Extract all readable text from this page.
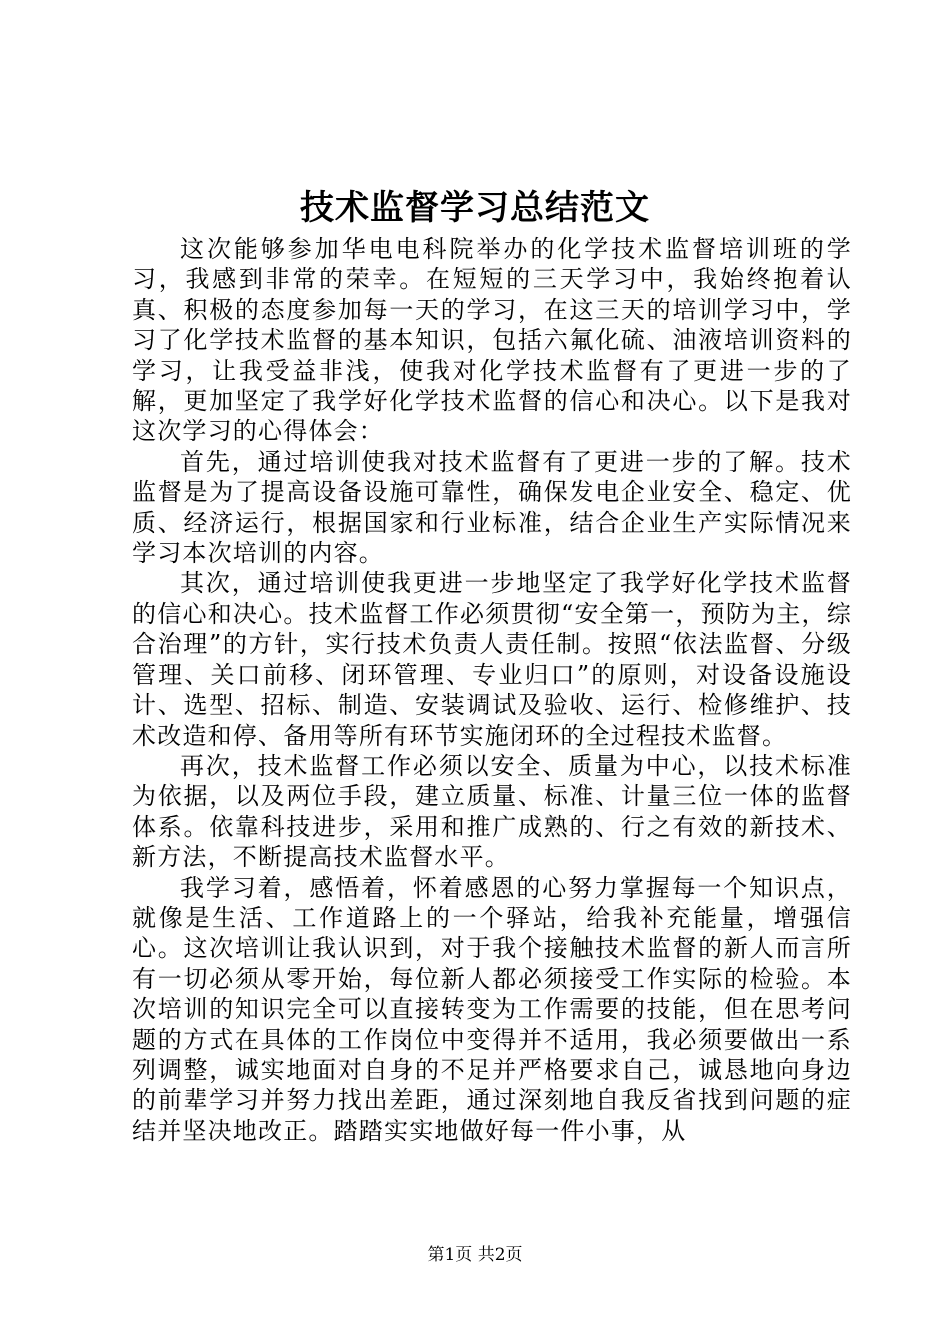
技术监督学习总结范文

这次能够参加华电电科院举办的化学技术监督培训班的学习，我感到非常的荣幸。在短短的三天学习中，我始终抱着认真、积极的态度参加每一天的学习，在这三天的培训学习中，学习了化学技术监督的基本知识，包括六氟化硫、油液培训资料的学习，让我受益非浅，使我对化学技术监督有了更进一步的了解，更加坚定了我学好化学技术监督的信心和决心。以下是我对这次学习的心得体会：

首先，通过培训使我对技术监督有了更进一步的了解。技术监督是为了提高设备设施可靠性，确保发电企业安全、稳定、优质、经济运行，根据国家和行业标准，结合企业生产实际情况来学习本次培训的内容。

其次，通过培训使我更进一步地坚定了我学好化学技术监督的信心和决心。技术监督工作必须贯彻“安全第一，预防为主，综合治理”的方针，实行技术负责人责任制。按照“依法监督、分级管理、关口前移、闭环管理、专业归口”的原则，对设备设施设计、选型、招标、制造、安装调试及验收、运行、检修维护、技术改造和停、备用等所有环节实施闭环的全过程技术监督。

再次，技术监督工作必须以安全、质量为中心，以技术标准为依据，以及两位手段，建立质量、标准、计量三位一体的监督体系。依靠科技进步，采用和推广成熟的、行之有效的新技术、新方法，不断提高技术监督水平。

我学习着，感悟着，怀着感恩的心努力掌握每一个知识点，就像是生活、工作道路上的一个驿站，给我补充能量，增强信心。这次培训让我认识到，对于我个接触技术监督的新人而言所有一切必须从零开始，每位新人都必须接受工作实际的检验。本次培训的知识完全可以直接转变为工作需要的技能，但在思考问题的方式在具体的工作岗位中变得并不适用，我必须要做出一系列调整，诚实地面对自身的不足并严格要求自己，诚恳地向身边的前辈学习并努力找出差距，通过深刻地自我反省找到问题的症结并坚决地改正。踏踏实实地做好每一件小事，从

第1页 共2页
